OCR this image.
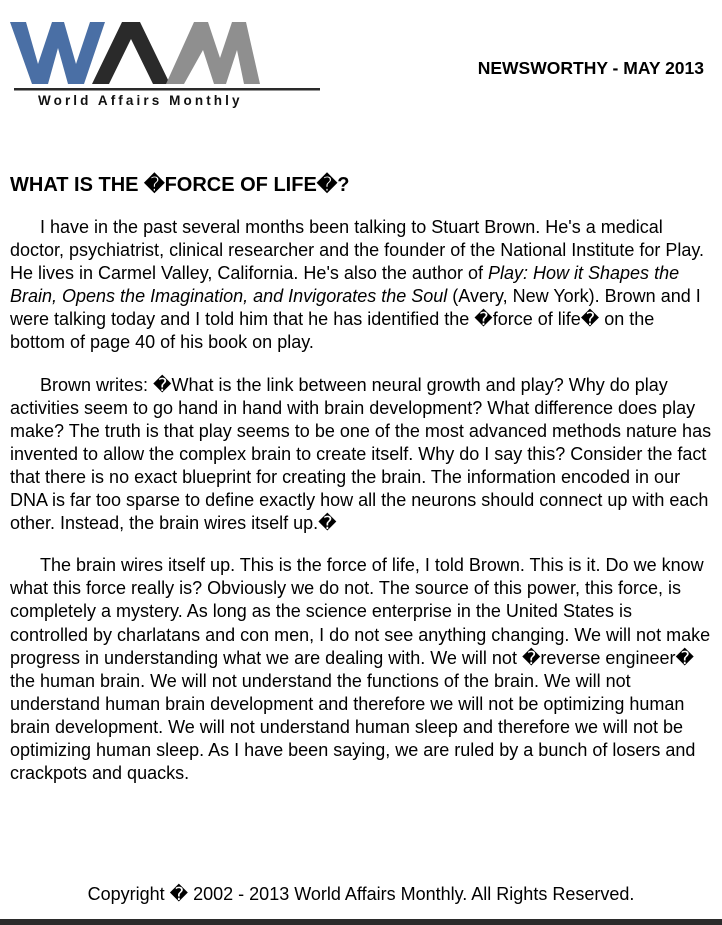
World Affairs Monthly
NEWSWORTHY - MAY 2013
WHAT IS THE �FORCE OF LIFE�?

I have in the past several months been talking to Stuart Brown. He's a medical doctor, psychiatrist, clinical researcher and the founder of the National Institute for Play. He lives in Carmel Valley, California. He's also the author of Play: How it Shapes the Brain, Opens the Imagination, and Invigorates the Soul (Avery, New York). Brown and I were talking today and I told him that he has identified the �force of life� on the bottom of page 40 of his book on play.

Brown writes: �What is the link between neural growth and play? Why do play activities seem to go hand in hand with brain development? What difference does play make? The truth is that play seems to be one of the most advanced methods nature has invented to allow the complex brain to create itself. Why do I say this? Consider the fact that there is no exact blueprint for creating the brain. The information encoded in our DNA is far too sparse to define exactly how all the neurons should connect up with each other. Instead, the brain wires itself up.�

The brain wires itself up. This is the force of life, I told Brown. This is it. Do we know what this force really is? Obviously we do not. The source of this power, this force, is completely a mystery. As long as the science enterprise in the United States is controlled by charlatans and con men, I do not see anything changing. We will not make progress in understanding what we are dealing with. We will not �reverse engineer� the human brain. We will not understand the functions of the brain. We will not understand human brain development and therefore we will not be optimizing human brain development. We will not understand human sleep and therefore we will not be optimizing human sleep. As I have been saying, we are ruled by a bunch of losers and crackpots and quacks.

Copyright � 2002 - 2013 World Affairs Monthly. All Rights Reserved.
